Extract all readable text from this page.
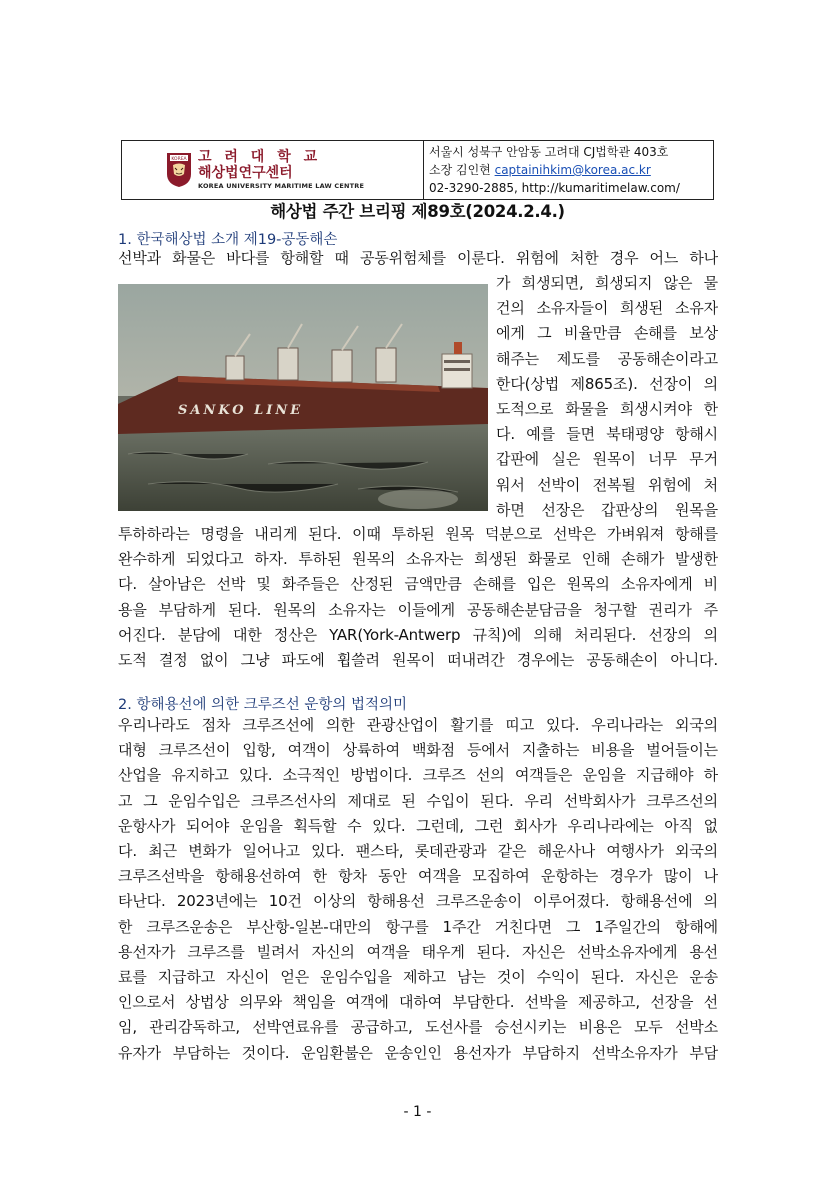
KOREA 고 려 대 학 교
해상법연구센터
KOREA UNIVERSITY MARITIME LAW CENTRE
서울시 성북구 안암동 고려대 CJ법학관 403호
소장 김인현 captainihkim@korea.ac.kr
02-3290-2885, http://kumaritimelaw.com/
해상법 주간 브리핑 제89호(2024.2.4.)
1. 한국해상법 소개 제19-공동해손
선박과 화물은 바다를 항해할 때 공동위험체를 이룬다. 위험에 처한 경우 어느 하나
SANKO LINE
가 희생되면, 희생되지 않은 물
건의 소유자들이 희생된 소유자
에게 그 비율만큼 손해를 보상
해주는 제도를 공동해손이라고
한다(상법 제865조). 선장이 의
도적으로 화물을 희생시켜야 한
다. 예를 들면 북태평양 항해시
갑판에 실은 원목이 너무 무거
워서 선박이 전복될 위험에 처
하면 선장은 갑판상의 원목을
투하하라는 명령을 내리게 된다. 이때 투하된 원목 덕분으로 선박은 가벼워져 항해를
완수하게 되었다고 하자. 투하된 원목의 소유자는 희생된 화물로 인해 손해가 발생한
다. 살아남은 선박 및 화주들은 산정된 금액만큼 손해를 입은 원목의 소유자에게 비
용을 부담하게 된다. 원목의 소유자는 이들에게 공동해손분담금을 청구할 권리가 주
어진다. 분담에 대한 정산은 YAR(York-Antwerp 규칙)에 의해 처리된다. 선장의 의
도적 결정 없이 그냥 파도에 휩쓸려 원목이 떠내려간 경우에는 공동해손이 아니다.
2. 항해용선에 의한 크루즈선 운항의 법적의미
우리나라도 점차 크루즈선에 의한 관광산업이 활기를 띠고 있다. 우리나라는 외국의
대형 크루즈선이 입항, 여객이 상륙하여 백화점 등에서 지출하는 비용을 벌어들이는
산업을 유지하고 있다. 소극적인 방법이다. 크루즈 선의 여객들은 운임을 지급해야 하
고 그 운임수입은 크루즈선사의 제대로 된 수입이 된다. 우리 선박회사가 크루즈선의
운항사가 되어야 운임을 획득할 수 있다. 그런데, 그런 회사가 우리나라에는 아직 없
다. 최근 변화가 일어나고 있다. 팬스타, 롯데관광과 같은 해운사나 여행사가 외국의
크루즈선박을 항해용선하여 한 항차 동안 여객을 모집하여 운항하는 경우가 많이 나
타난다. 2023년에는 10건 이상의 항해용선 크루즈운송이 이루어졌다. 항해용선에 의
한 크루즈운송은 부산항-일본-대만의 항구를 1주간 거친다면 그 1주일간의 항해에
용선자가 크루즈를 빌려서 자신의 여객을 태우게 된다. 자신은 선박소유자에게 용선
료를 지급하고 자신이 얻은 운임수입을 제하고 남는 것이 수익이 된다. 자신은 운송
인으로서 상법상 의무와 책임을 여객에 대하여 부담한다. 선박을 제공하고, 선장을 선
임, 관리감독하고, 선박연료유를 공급하고, 도선사를 승선시키는 비용은 모두 선박소
유자가 부담하는 것이다. 운임환불은 운송인인 용선자가 부담하지 선박소유자가 부담
- 1 -
